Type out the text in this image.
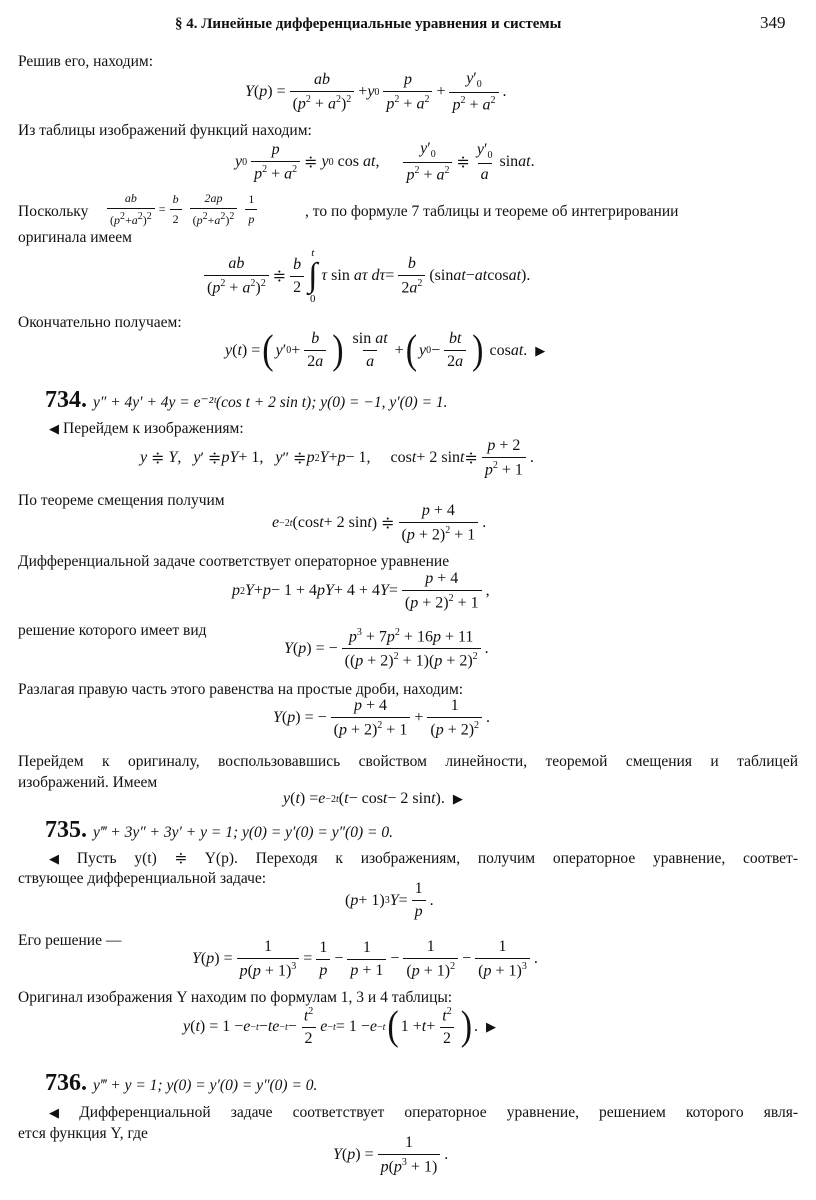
§ 4. Линейные дифференциальные уравнения и системы	349
Решив его, находим:
Y ( p ) = $\frac{ab}{(p^2 + a^2)^2} + y$ $0 \frac{p}{p^2 + a^2} + \frac{y'_0}{p^2 + a^2}$ .
Из таблицы изображений функций находим:
y $0 \frac{p}{p^2 + a^2}$ ≑ y 0 cos at , $\frac{y'_0}{p^2 + a^2}$ ≑ $\frac{y'_0}{a}$ sin at .
Поскольку $\frac{ab}{(p^2+a^2)^2} = \frac{b}{2} \frac{2ap}{(p^2+a^2)^2} \frac{1}{p}$	, то по формуле 7 таблицы и теореме об интегрировании
оригинала имеем
$\frac{ab}{(p^2 + a^2)^2}$ ≑ $\frac{b}{2}$
t
∫
0

τ sin aτ $d\tau = \frac{b}{2a^2} (\sin$ at − at cos at ).
Окончательно получаем:
y ( t ) = ( y ′ $0 + \frac{b}{2a}$ ) $\frac{\text{sin at}}{a}$ + ( y $0 - \frac{bt}{2a}$ ) cos at . ▶
734. y″ + 4y′ + 4y = e⁻²ᵗ(cos t + 2 sin t); y(0) = −1, y′(0) = 1.
◀ Перейдем к изображениям:
y ≑ Y , y ′ ≑ pY + 1, y ″ ≑ p 2 Y + p − 1,     cos t + 2 sin t ≑ $\frac{p + 2}{p^2 + 1}$ .
По теореме смещения получим
e −2t (cos t + 2 sin t ) ≑ $\frac{p + 4}{(p + 2)^2 + 1}$ .
Дифференциальной задаче соответствует операторное уравнение
p 2 Y + p − 1 + 4 pY + 4 + 4 $Y = \frac{p + 4}{(p + 2)^2 + 1}$ ,
решение которого имеет вид
Y ( p ) = − $\frac{p^3 + 7p^2 + 16p + 11}{((p + 2)^2 + 1)(p + 2)^2}$ .
Разлагая правую часть этого равенства на простые дроби, находим:
Y ( p ) = − $\frac{p + 4}{(p + 2)^2 + 1} + \frac{1}{(p + 2)^2}$ .
Перейдем к оригиналу, воспользовавшись свойством линейности, теоремой смещения и таблицей
изображений. Имеем
y ( t ) = e −2t ( t − cos t − 2 sin t ). ▶
735. y‴ + 3y″ + 3y′ + y = 1; y(0) = y′(0) = y″(0) = 0.
◀ Пусть y(t) ≑ Y(p). Переходя к изображениям, получим операторное уравнение, соответ-
ствующее дифференциальной задаче:
( p + 1) 3 $Y = \frac{1}{p}$ .
Его решение —
Y ( p ) = $\frac{1}{p(p + 1)^3} = \frac{1}{p} - \frac{1}{p + 1} - \frac{1}{(p + 1)^2} - \frac{1}{(p + 1)^3}$ .
Оригинал изображения Y находим по формулам 1, 3 и 4 таблицы:
y ( t ) = 1 − e −t − te $-t - \frac{t^2}{2}$ e −t = 1 − e −t ( $1 + t + \frac{t^2}{2}$ ) . ▶
736. y‴ + y = 1; y(0) = y′(0) = y″(0) = 0.
◀ Дифференциальной задаче соответствует операторное уравнение, решением которого явля-
ется функция Y, где
Y ( p ) = $\frac{1}{p(p^3 + 1)}$ .
